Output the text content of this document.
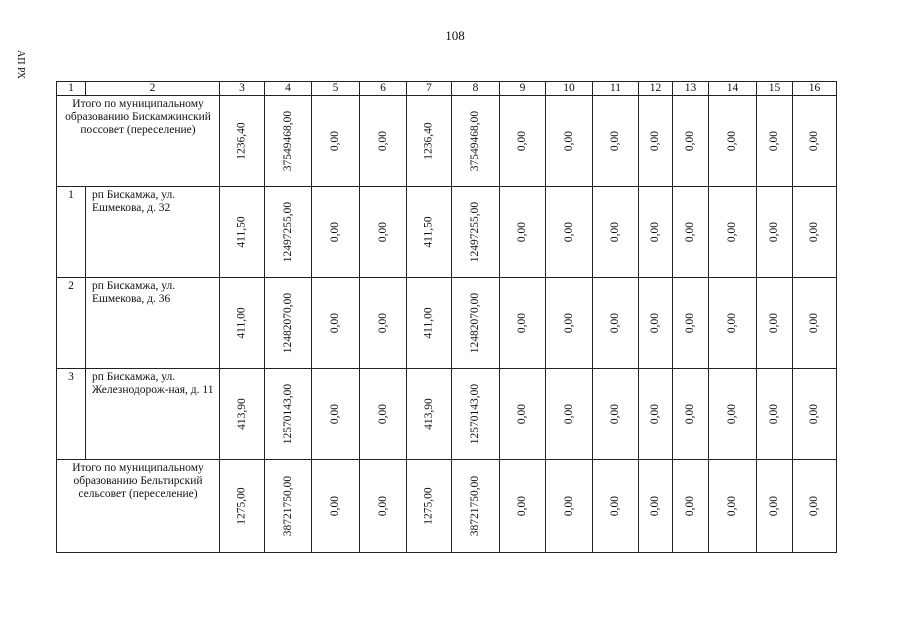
108
АП РХ
1	2	3	4	5	6	7	8	9	10	11	12	13	14	15	16
Итого по муниципальному образованию Бискамжинский поссовет (переселение)		1236,40	37549468,00	0,00	0,00	1236,40	37549468,00	0,00	0,00	0,00	0,00	0,00	0,00	0,00	0,00

1	рп Бискамжа, ул. Ешмекова, д. 32	411,50	12497255,00	0,00	0,00	411,50	12497255,00	0,00	0,00	0,00	0,00	0,00	0,00	0,00	0,00

2	рп Бискамжа, ул. Ешмекова, д. 36	411,00	12482070,00	0,00	0,00	411,00	12482070,00	0,00	0,00	0,00	0,00	0,00	0,00	0,00	0,00

3	рп Бискамжа, ул. Железнодорож-ная, д. 11	413,90	12570143,00	0,00	0,00	413,90	12570143,00	0,00	0,00	0,00	0,00	0,00	0,00	0,00	0,00

Итого по муниципальному образованию Бельтирский сельсовет (переселение)		1275,00	38721750,00	0,00	0,00	1275,00	38721750,00	0,00	0,00	0,00	0,00	0,00	0,00	0,00	0,00
